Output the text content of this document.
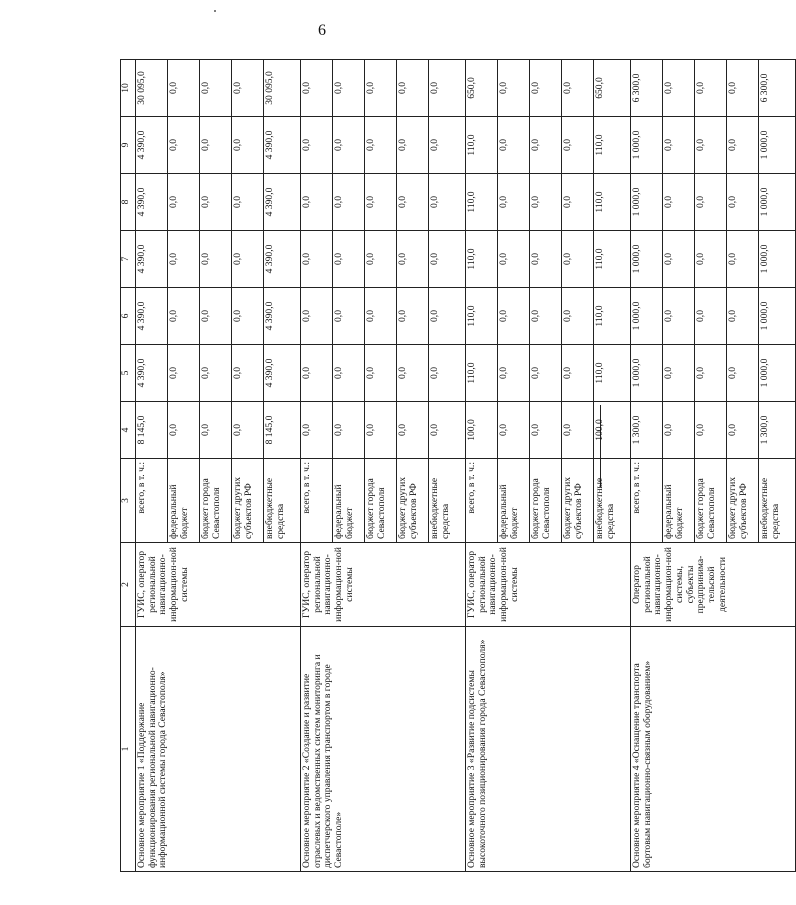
6
1	2	3	4	5	6	7	8	9	10
Основное мероприятие 1 «Поддержание функционирования региональной навигационно-информационной системы города Севастополя»	ГУИС, оператор региональной навигационно-информацион-ной системы	всего, в т. ч.:	8 145,0	4 390,0	4 390,0	4 390,0	4 390,0	4 390,0	30 095,0
		федеральный бюджет	0,0	0,0	0,0	0,0	0,0	0,0	0,0
		бюджет города Севастополя	0,0	0,0	0,0	0,0	0,0	0,0	0,0
		бюджет других субъектов РФ	0,0	0,0	0,0	0,0	0,0	0,0	0,0
		внебюджетные средства	8 145,0	4 390,0	4 390,0	4 390,0	4 390,0	4 390,0	30 095,0
Основное мероприятие 2 «Создание и развитие отраслевых и ведомственных систем мониторинга и диспетчерского управления транспортом в городе Севастополе»	ГУИС, оператор региональной навигационно-информацион-ной системы	всего, в т. ч.:	0,0	0,0	0,0	0,0	0,0	0,0	0,0
		федеральный бюджет	0,0	0,0	0,0	0,0	0,0	0,0	0,0
		бюджет города Севастополя	0,0	0,0	0,0	0,0	0,0	0,0	0,0
		бюджет других субъектов РФ	0,0	0,0	0,0	0,0	0,0	0,0	0,0
		внебюджетные средства	0,0	0,0	0,0	0,0	0,0	0,0	0,0
Основное мероприятие 3 «Развитие подсистемы высокоточного позиционирования города Севастополя»	ГУИС, оператор региональной навигационно-информацион-ной системы	всего, в т. ч.:	100,0	110,0	110,0	110,0	110,0	110,0	650,0
		федеральный бюджет	0,0	0,0	0,0	0,0	0,0	0,0	0,0
		бюджет города Севастополя	0,0	0,0	0,0	0,0	0,0	0,0	0,0
		бюджет других субъектов РФ	0,0	0,0	0,0	0,0	0,0	0,0	0,0
		внебюджетные средства	100,0	110,0	110,0	110,0	110,0	110,0	650,0
Основное мероприятие 4 «Оснащение транспорта бортовым навигационно-связным оборудованием»	Оператор региональной навигационно-информацион-ной системы, субъекты предпринима-тельской деятельности	всего, в т. ч.:	1 300,0	1 000,0	1 000,0	1 000,0	1 000,0	1 000,0	6 300,0
		федеральный бюджет	0,0	0,0	0,0	0,0	0,0	0,0	0,0
		бюджет города Севастополя	0,0	0,0	0,0	0,0	0,0	0,0	0,0
		бюджет других субъектов РФ	0,0	0,0	0,0	0,0	0,0	0,0	0,0
		внебюджетные средства	1 300,0	1 000,0	1 000,0	1 000,0	1 000,0	1 000,0	6 300,0
